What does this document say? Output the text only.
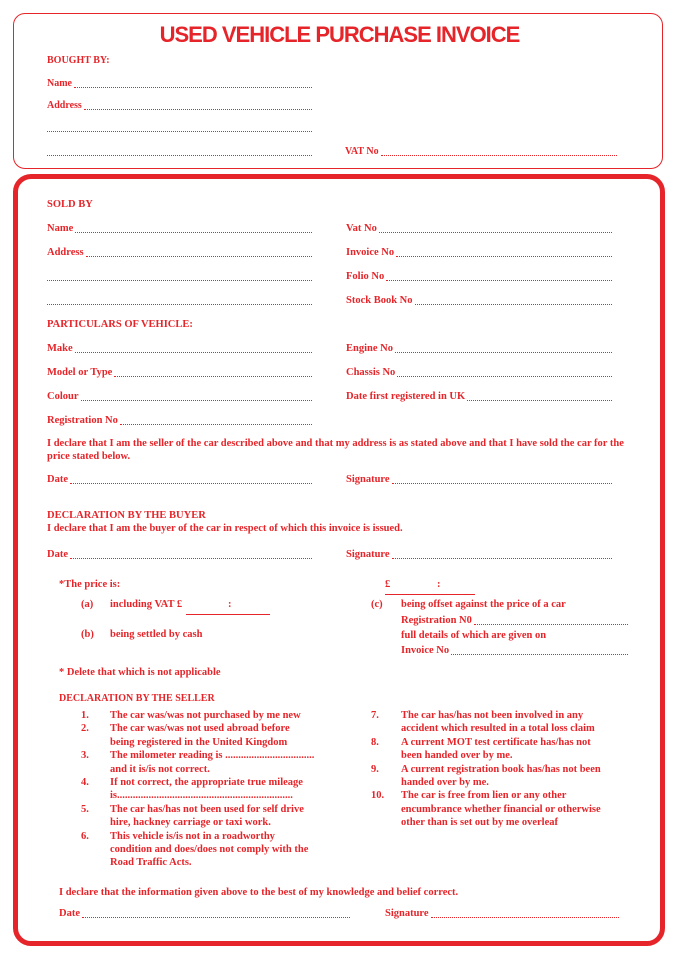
USED VEHICLE PURCHASE INVOICE
BOUGHT BY:
Name
Address
VAT No
SOLD BY
Name
Address
Vat No
Invoice No
Folio No
Stock Book No
PARTICULARS OF VEHICLE:
Make
Model or Type
Colour
Registration No
Engine No
Chassis No
Date first registered in UK
I declare that I am the seller of the car described above and that my address is as stated above and that I have sold the car for the price stated below.
Date	Signature
DECLARATION BY THE BUYER
I declare that I am the buyer of the car in respect of which this invoice is issued.
Date	Signature
*The price is:	£	:
(a) including VAT £	:
(b) being settled by cash
(c) being offset against the price of a car
Registration N0
full details of which are given on
Invoice No
* Delete that which is not applicable
DECLARATION BY THE SELLER
1.	The car was/was not purchased by me new
2.	The car was/was not used abroad before
being registered in the United Kingdom
3.	The milometer reading is ..................................
and it is/is not correct.
4.	If not correct, the appropriate true mileage
is...................................................................
5.	The car has/has not been used for self drive
hire, hackney carriage or taxi work.
6.	This vehicle is/is not in a roadworthy
condition and does/does not comply with the
Road Traffic Acts.
7.	The car has/has not been involved in any
accident which resulted in a total loss claim
8.	A current MOT test certificate has/has not
been handed over by me.
9.	A current registration book has/has not been
handed over by me.
10.	The car is free from lien or any other
encumbrance whether financial or otherwise
other than is set out by me overleaf
I declare that the information given above to the best of my knowledge and belief correct.
Date	Signature
